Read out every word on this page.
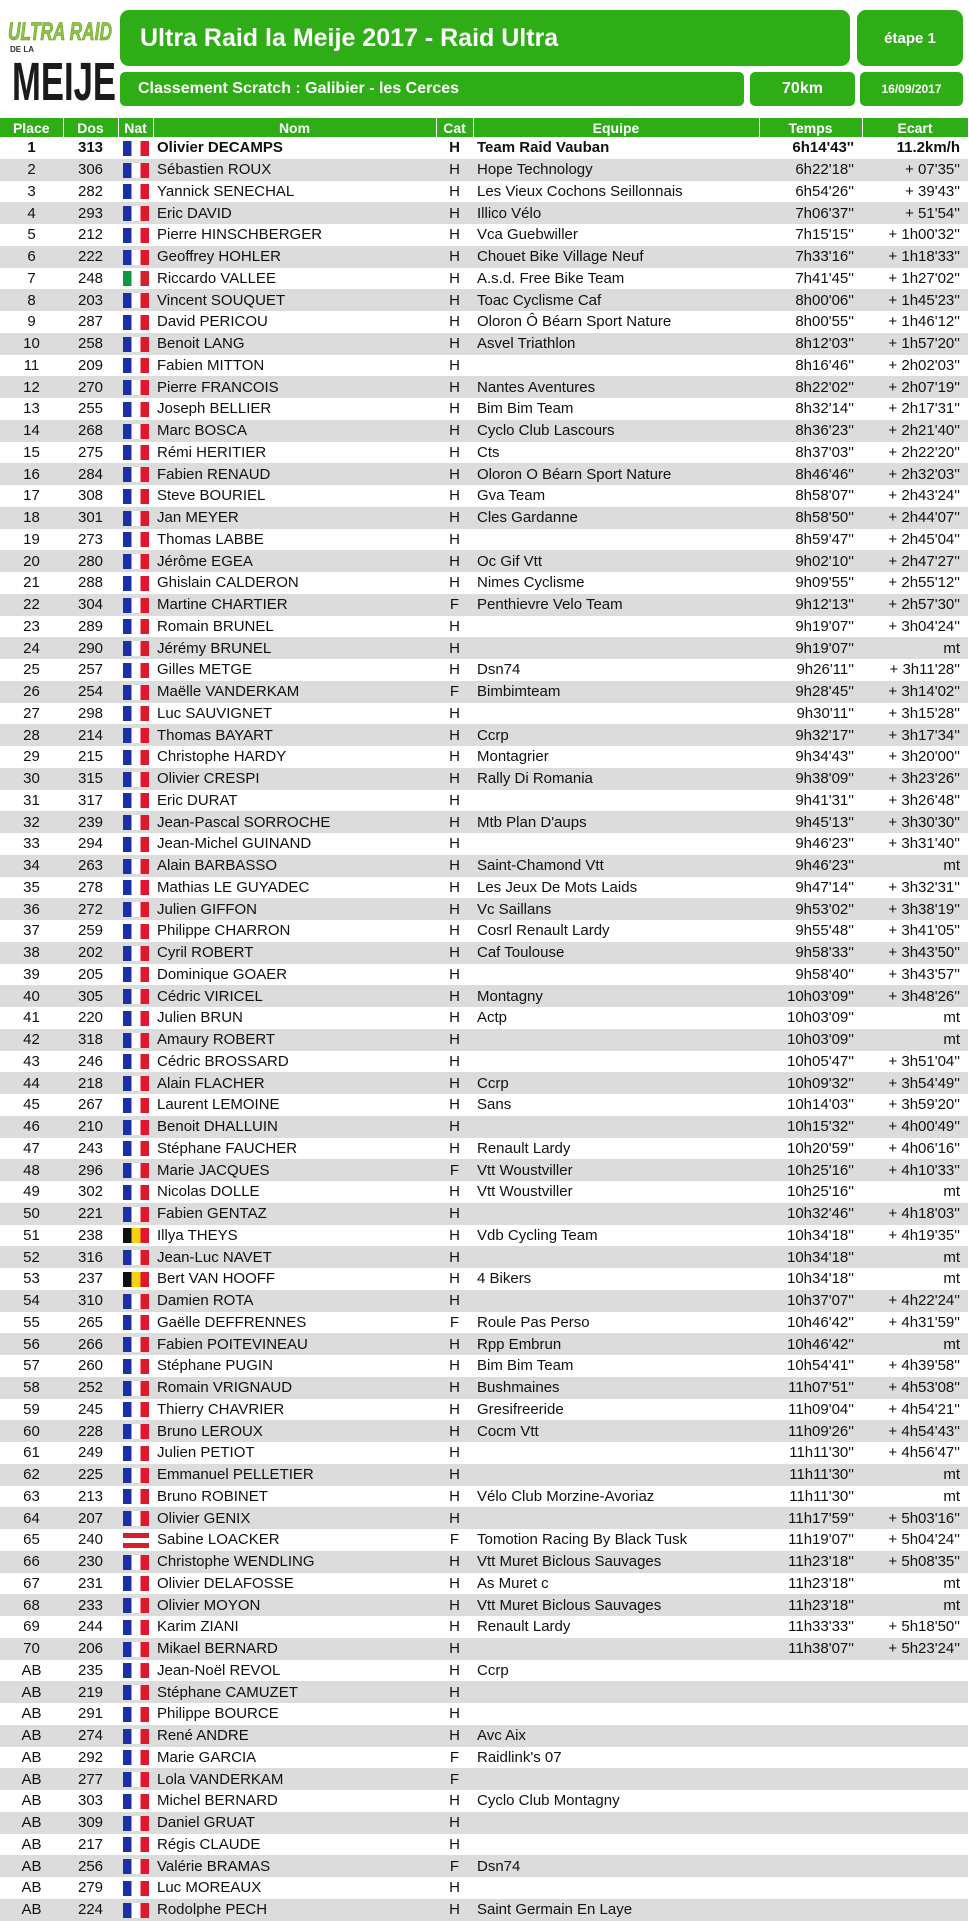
ULTRA RAID
DE LA
MEIJE
Ultra Raid la Meije 2017 - Raid Ultra	étape 1
Classement Scratch : Galibier - les Cerces	70km	16/09/2017
Place	Dos	Nat	Nom	Cat	Equipe	Temps	Ecart
1	313		Olivier DECAMPS	H	Team Raid Vauban	6h14'43''	11.2km/h
2	306		Sébastien ROUX	H	Hope Technology	6h22'18''	+ 07'35''
3	282		Yannick SENECHAL	H	Les Vieux Cochons Seillonnais	6h54'26''	+ 39'43''
4	293		Eric DAVID	H	Illico Vélo	7h06'37''	+ 51'54''
5	212		Pierre HINSCHBERGER	H	Vca Guebwiller	7h15'15''	+ 1h00'32''
6	222		Geoffrey HOHLER	H	Chouet Bike Village Neuf	7h33'16''	+ 1h18'33''
7	248		Riccardo VALLEE	H	A.s.d. Free Bike Team	7h41'45''	+ 1h27'02''
8	203		Vincent SOUQUET	H	Toac Cyclisme Caf	8h00'06''	+ 1h45'23''
9	287		David PERICOU	H	Oloron Ô Béarn Sport Nature	8h00'55''	+ 1h46'12''
10	258		Benoit LANG	H	Asvel Triathlon	8h12'03''	+ 1h57'20''
11	209		Fabien MITTON	H		8h16'46''	+ 2h02'03''
12	270		Pierre FRANCOIS	H	Nantes Aventures	8h22'02''	+ 2h07'19''
13	255		Joseph BELLIER	H	Bim Bim Team	8h32'14''	+ 2h17'31''
14	268		Marc BOSCA	H	Cyclo Club Lascours	8h36'23''	+ 2h21'40''
15	275		Rémi HERITIER	H	Cts	8h37'03''	+ 2h22'20''
16	284		Fabien RENAUD	H	Oloron O Béarn Sport Nature	8h46'46''	+ 2h32'03''
17	308		Steve BOURIEL	H	Gva Team	8h58'07''	+ 2h43'24''
18	301		Jan MEYER	H	Cles Gardanne	8h58'50''	+ 2h44'07''
19	273		Thomas LABBE	H		8h59'47''	+ 2h45'04''
20	280		Jérôme EGEA	H	Oc Gif Vtt	9h02'10''	+ 2h47'27''
21	288		Ghislain CALDERON	H	Nimes Cyclisme	9h09'55''	+ 2h55'12''
22	304		Martine CHARTIER	F	Penthievre Velo Team	9h12'13''	+ 2h57'30''
23	289		Romain BRUNEL	H		9h19'07''	+ 3h04'24''
24	290		Jérémy BRUNEL	H		9h19'07''	mt
25	257		Gilles METGE	H	Dsn74	9h26'11''	+ 3h11'28''
26	254		Maëlle VANDERKAM	F	Bimbimteam	9h28'45''	+ 3h14'02''
27	298		Luc SAUVIGNET	H		9h30'11''	+ 3h15'28''
28	214		Thomas BAYART	H	Ccrp	9h32'17''	+ 3h17'34''
29	215		Christophe HARDY	H	Montagrier	9h34'43''	+ 3h20'00''
30	315		Olivier CRESPI	H	Rally Di Romania	9h38'09''	+ 3h23'26''
31	317		Eric DURAT	H		9h41'31''	+ 3h26'48''
32	239		Jean-Pascal SORROCHE	H	Mtb Plan D'aups	9h45'13''	+ 3h30'30''
33	294		Jean-Michel GUINAND	H		9h46'23''	+ 3h31'40''
34	263		Alain BARBASSO	H	Saint-Chamond Vtt	9h46'23''	mt
35	278		Mathias LE GUYADEC	H	Les Jeux De Mots Laids	9h47'14''	+ 3h32'31''
36	272		Julien GIFFON	H	Vc Saillans	9h53'02''	+ 3h38'19''
37	259		Philippe CHARRON	H	Cosrl Renault Lardy	9h55'48''	+ 3h41'05''
38	202		Cyril ROBERT	H	Caf Toulouse	9h58'33''	+ 3h43'50''
39	205		Dominique GOAER	H		9h58'40''	+ 3h43'57''
40	305		Cédric VIRICEL	H	Montagny	10h03'09''	+ 3h48'26''
41	220		Julien BRUN	H	Actp	10h03'09''	mt
42	318		Amaury ROBERT	H		10h03'09''	mt
43	246		Cédric BROSSARD	H		10h05'47''	+ 3h51'04''
44	218		Alain FLACHER	H	Ccrp	10h09'32''	+ 3h54'49''
45	267		Laurent LEMOINE	H	Sans	10h14'03''	+ 3h59'20''
46	210		Benoit DHALLUIN	H		10h15'32''	+ 4h00'49''
47	243		Stéphane FAUCHER	H	Renault Lardy	10h20'59''	+ 4h06'16''
48	296		Marie JACQUES	F	Vtt Woustviller	10h25'16''	+ 4h10'33''
49	302		Nicolas DOLLE	H	Vtt Woustviller	10h25'16''	mt
50	221		Fabien GENTAZ	H		10h32'46''	+ 4h18'03''
51	238		Illya THEYS	H	Vdb Cycling Team	10h34'18''	+ 4h19'35''
52	316		Jean-Luc NAVET	H		10h34'18''	mt
53	237		Bert VAN HOOFF	H	4 Bikers	10h34'18''	mt
54	310		Damien ROTA	H		10h37'07''	+ 4h22'24''
55	265		Gaëlle DEFFRENNES	F	Roule Pas Perso	10h46'42''	+ 4h31'59''
56	266		Fabien POITEVINEAU	H	Rpp Embrun	10h46'42''	mt
57	260		Stéphane PUGIN	H	Bim Bim Team	10h54'41''	+ 4h39'58''
58	252		Romain VRIGNAUD	H	Bushmaines	11h07'51''	+ 4h53'08''
59	245		Thierry CHAVRIER	H	Gresifreeride	11h09'04''	+ 4h54'21''
60	228		Bruno LEROUX	H	Cocm Vtt	11h09'26''	+ 4h54'43''
61	249		Julien PETIOT	H		11h11'30''	+ 4h56'47''
62	225		Emmanuel PELLETIER	H		11h11'30''	mt
63	213		Bruno ROBINET	H	Vélo Club Morzine-Avoriaz	11h11'30''	mt
64	207		Olivier GENIX	H		11h17'59''	+ 5h03'16''
65	240		Sabine LOACKER	F	Tomotion Racing By Black Tusk	11h19'07''	+ 5h04'24''
66	230		Christophe WENDLING	H	Vtt Muret Biclous Sauvages	11h23'18''	+ 5h08'35''
67	231		Olivier DELAFOSSE	H	As Muret c	11h23'18''	mt
68	233		Olivier MOYON	H	Vtt Muret Biclous Sauvages	11h23'18''	mt
69	244		Karim ZIANI	H	Renault Lardy	11h33'33''	+ 5h18'50''
70	206		Mikael BERNARD	H		11h38'07''	+ 5h23'24''
AB	235		Jean-Noël REVOL	H	Ccrp		
AB	219		Stéphane CAMUZET	H			
AB	291		Philippe BOURCE	H			
AB	274		René ANDRE	H	Avc Aix		
AB	292		Marie GARCIA	F	Raidlink's 07		
AB	277		Lola VANDERKAM	F			
AB	303		Michel BERNARD	H	Cyclo Club Montagny		
AB	309		Daniel GRUAT	H			
AB	217		Régis CLAUDE	H			
AB	256		Valérie BRAMAS	F	Dsn74		
AB	279		Luc MOREAUX	H			
AB	224		Rodolphe PECH	H	Saint Germain En Laye		
